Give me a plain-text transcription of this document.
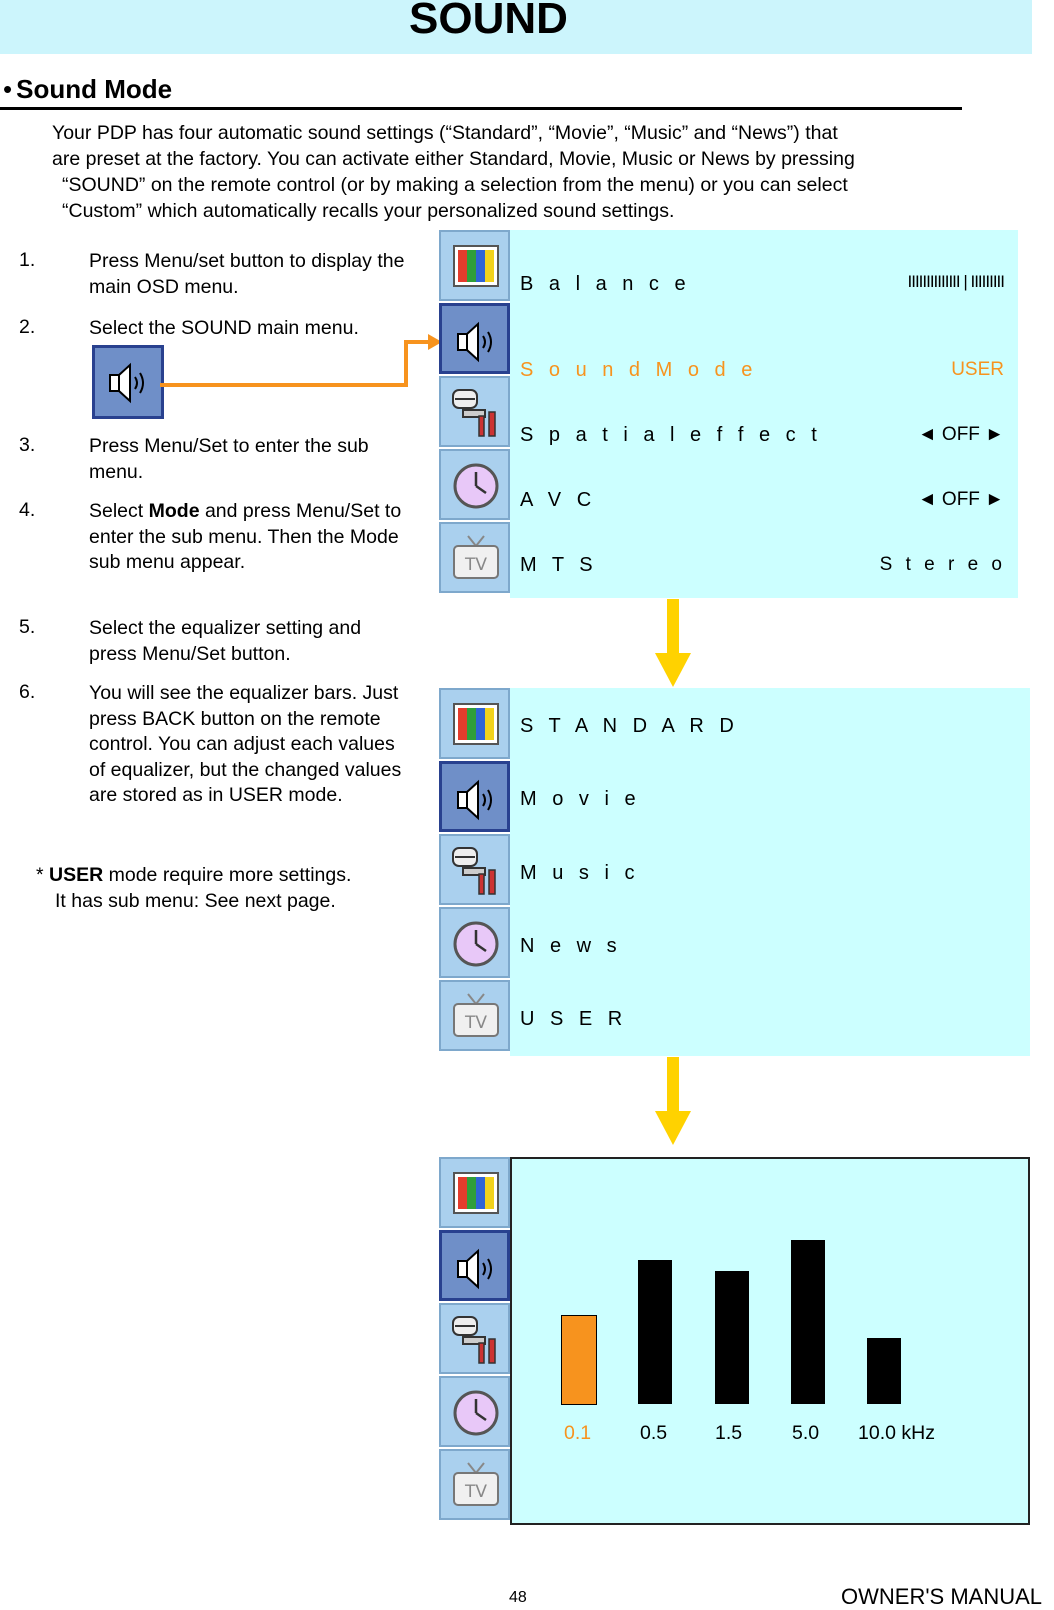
SOUND
• Sound Mode
Your PDP has four automatic sound settings (“Standard”, “Movie”, “Music” and “News”) that
are preset at the factory. You can activate either Standard, Movie, Music or News by pressing
“SOUND” on the remote control (or by making a selection from the menu) or you can select
“Custom” which automatically recalls your personalized sound settings.
1.	Press Menu/set button to display the main OSD menu.
2.	Select the SOUND main menu.
3.	Press Menu/Set to enter the sub menu.
4.	Select Mode and press Menu/Set to enter the sub menu. Then the Mode sub menu appear.
5.	Select the equalizer setting and press Menu/Set button.
6.	You will see the equalizer bars. Just press BACK button on the remote control. You can adjust each values of equalizer, but the changed values are stored as in USER mode.
* USER mode require more settings.
It has sub menu: See next page.
TV
B a l a n c e	IIIIIIIIIIIIII | IIIIIIIII
S o u n d M o d e	USER
S p a t i a l e f f e c t	◄ OFF ►
A V C	◄ OFF ►
M T S	S t e r e o
TV
S T A N D A R D
M o v i e
M u s i c
N e w s
U S E R
TV
0.1	0.5 1.5	5.0 10.0 kHz
48	OWNER'S MANUAL
